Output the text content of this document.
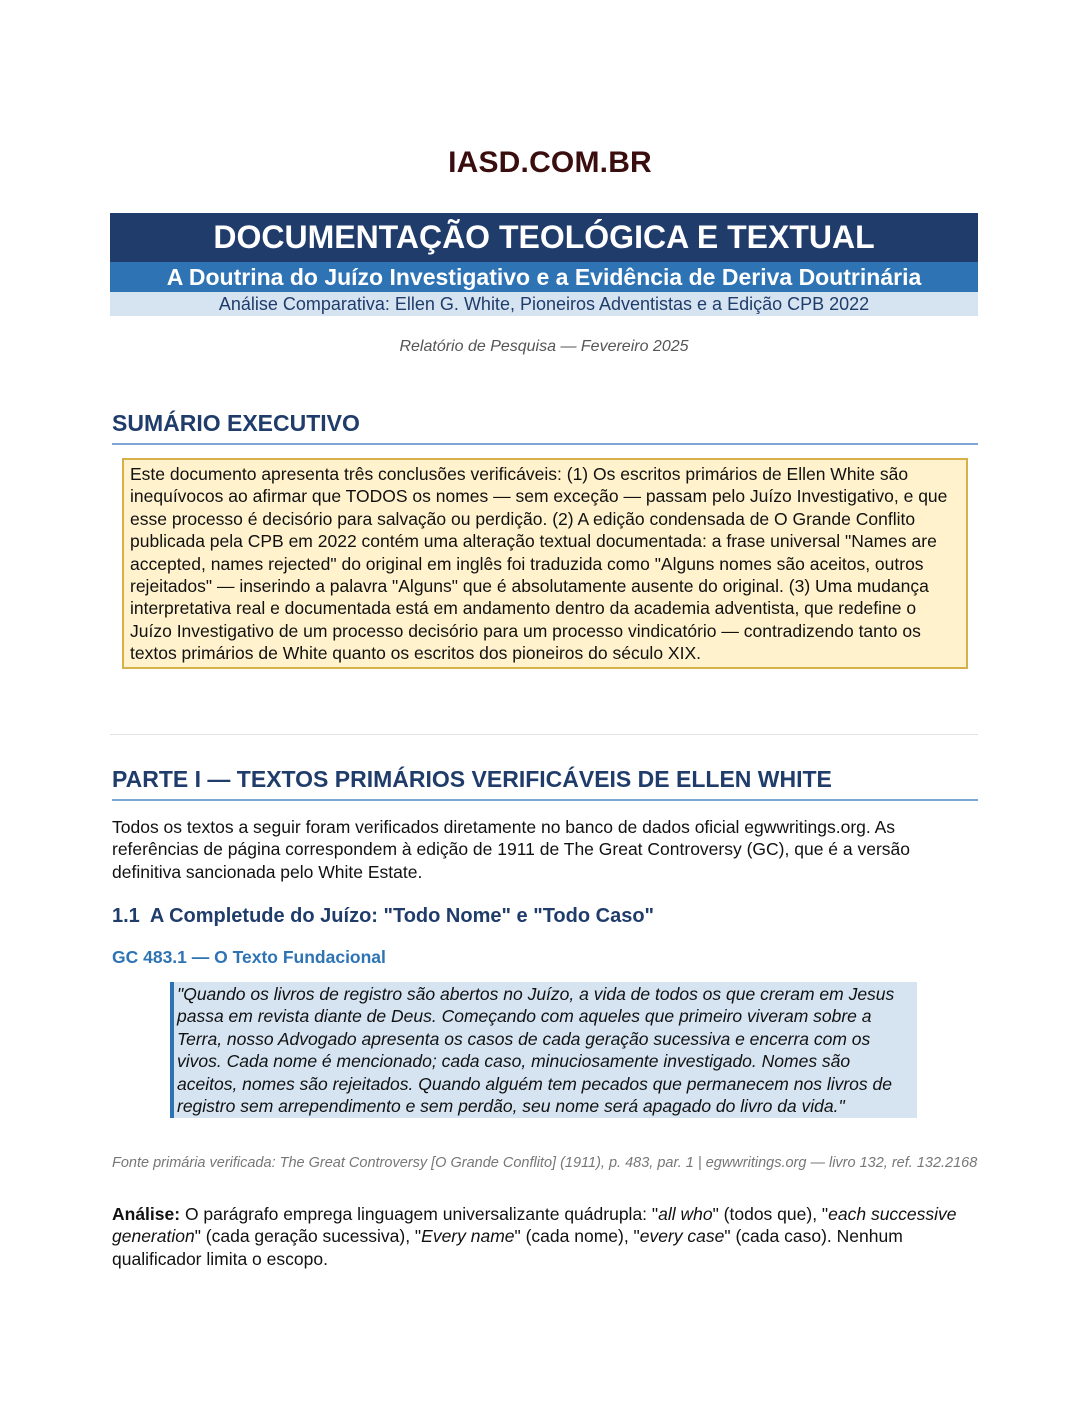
IASD.COM.BR
DOCUMENTAÇÃO TEOLÓGICA E TEXTUAL
A Doutrina do Juízo Investigativo e a Evidência de Deriva Doutrinária
Análise Comparativa: Ellen G. White, Pioneiros Adventistas e a Edição CPB 2022
Relatório de Pesquisa — Fevereiro 2025
SUMÁRIO EXECUTIVO
Este documento apresenta três conclusões verificáveis: (1) Os escritos primários de Ellen White são inequívocos ao afirmar que TODOS os nomes — sem exceção — passam pelo Juízo Investigativo, e que esse processo é decisório para salvação ou perdição. (2) A edição condensada de O Grande Conflito publicada pela CPB em 2022 contém uma alteração textual documentada: a frase universal "Names are accepted, names rejected" do original em inglês foi traduzida como "Alguns nomes são aceitos, outros rejeitados" — inserindo a palavra "Alguns" que é absolutamente ausente do original. (3) Uma mudança interpretativa real e documentada está em andamento dentro da academia adventista, que redefine o Juízo Investigativo de um processo decisório para um processo vindicatório — contradizendo tanto os textos primários de White quanto os escritos dos pioneiros do século XIX.
PARTE I — TEXTOS PRIMÁRIOS VERIFICÁVEIS DE ELLEN WHITE
Todos os textos a seguir foram verificados diretamente no banco de dados oficial egwwritings.org. As referências de página correspondem à edição de 1911 de The Great Controversy (GC), que é a versão definitiva sancionada pelo White Estate.
1.1 A Completude do Juízo: "Todo Nome" e "Todo Caso"
GC 483.1 — O Texto Fundacional
"Quando os livros de registro são abertos no Juízo, a vida de todos os que creram em Jesus passa em revista diante de Deus. Começando com aqueles que primeiro viveram sobre a Terra, nosso Advogado apresenta os casos de cada geração sucessiva e encerra com os vivos. Cada nome é mencionado; cada caso, minuciosamente investigado. Nomes são aceitos, nomes são rejeitados. Quando alguém tem pecados que permanecem nos livros de registro sem arrependimento e sem perdão, seu nome será apagado do livro da vida."
Fonte primária verificada: The Great Controversy [O Grande Conflito] (1911), p. 483, par. 1 | egwwritings.org — livro 132, ref. 132.2168
Análise: O parágrafo emprega linguagem universalizante quádrupla: "all who" (todos que), "each successive generation" (cada geração sucessiva), "Every name" (cada nome), "every case" (cada caso). Nenhum qualificador limita o escopo.
